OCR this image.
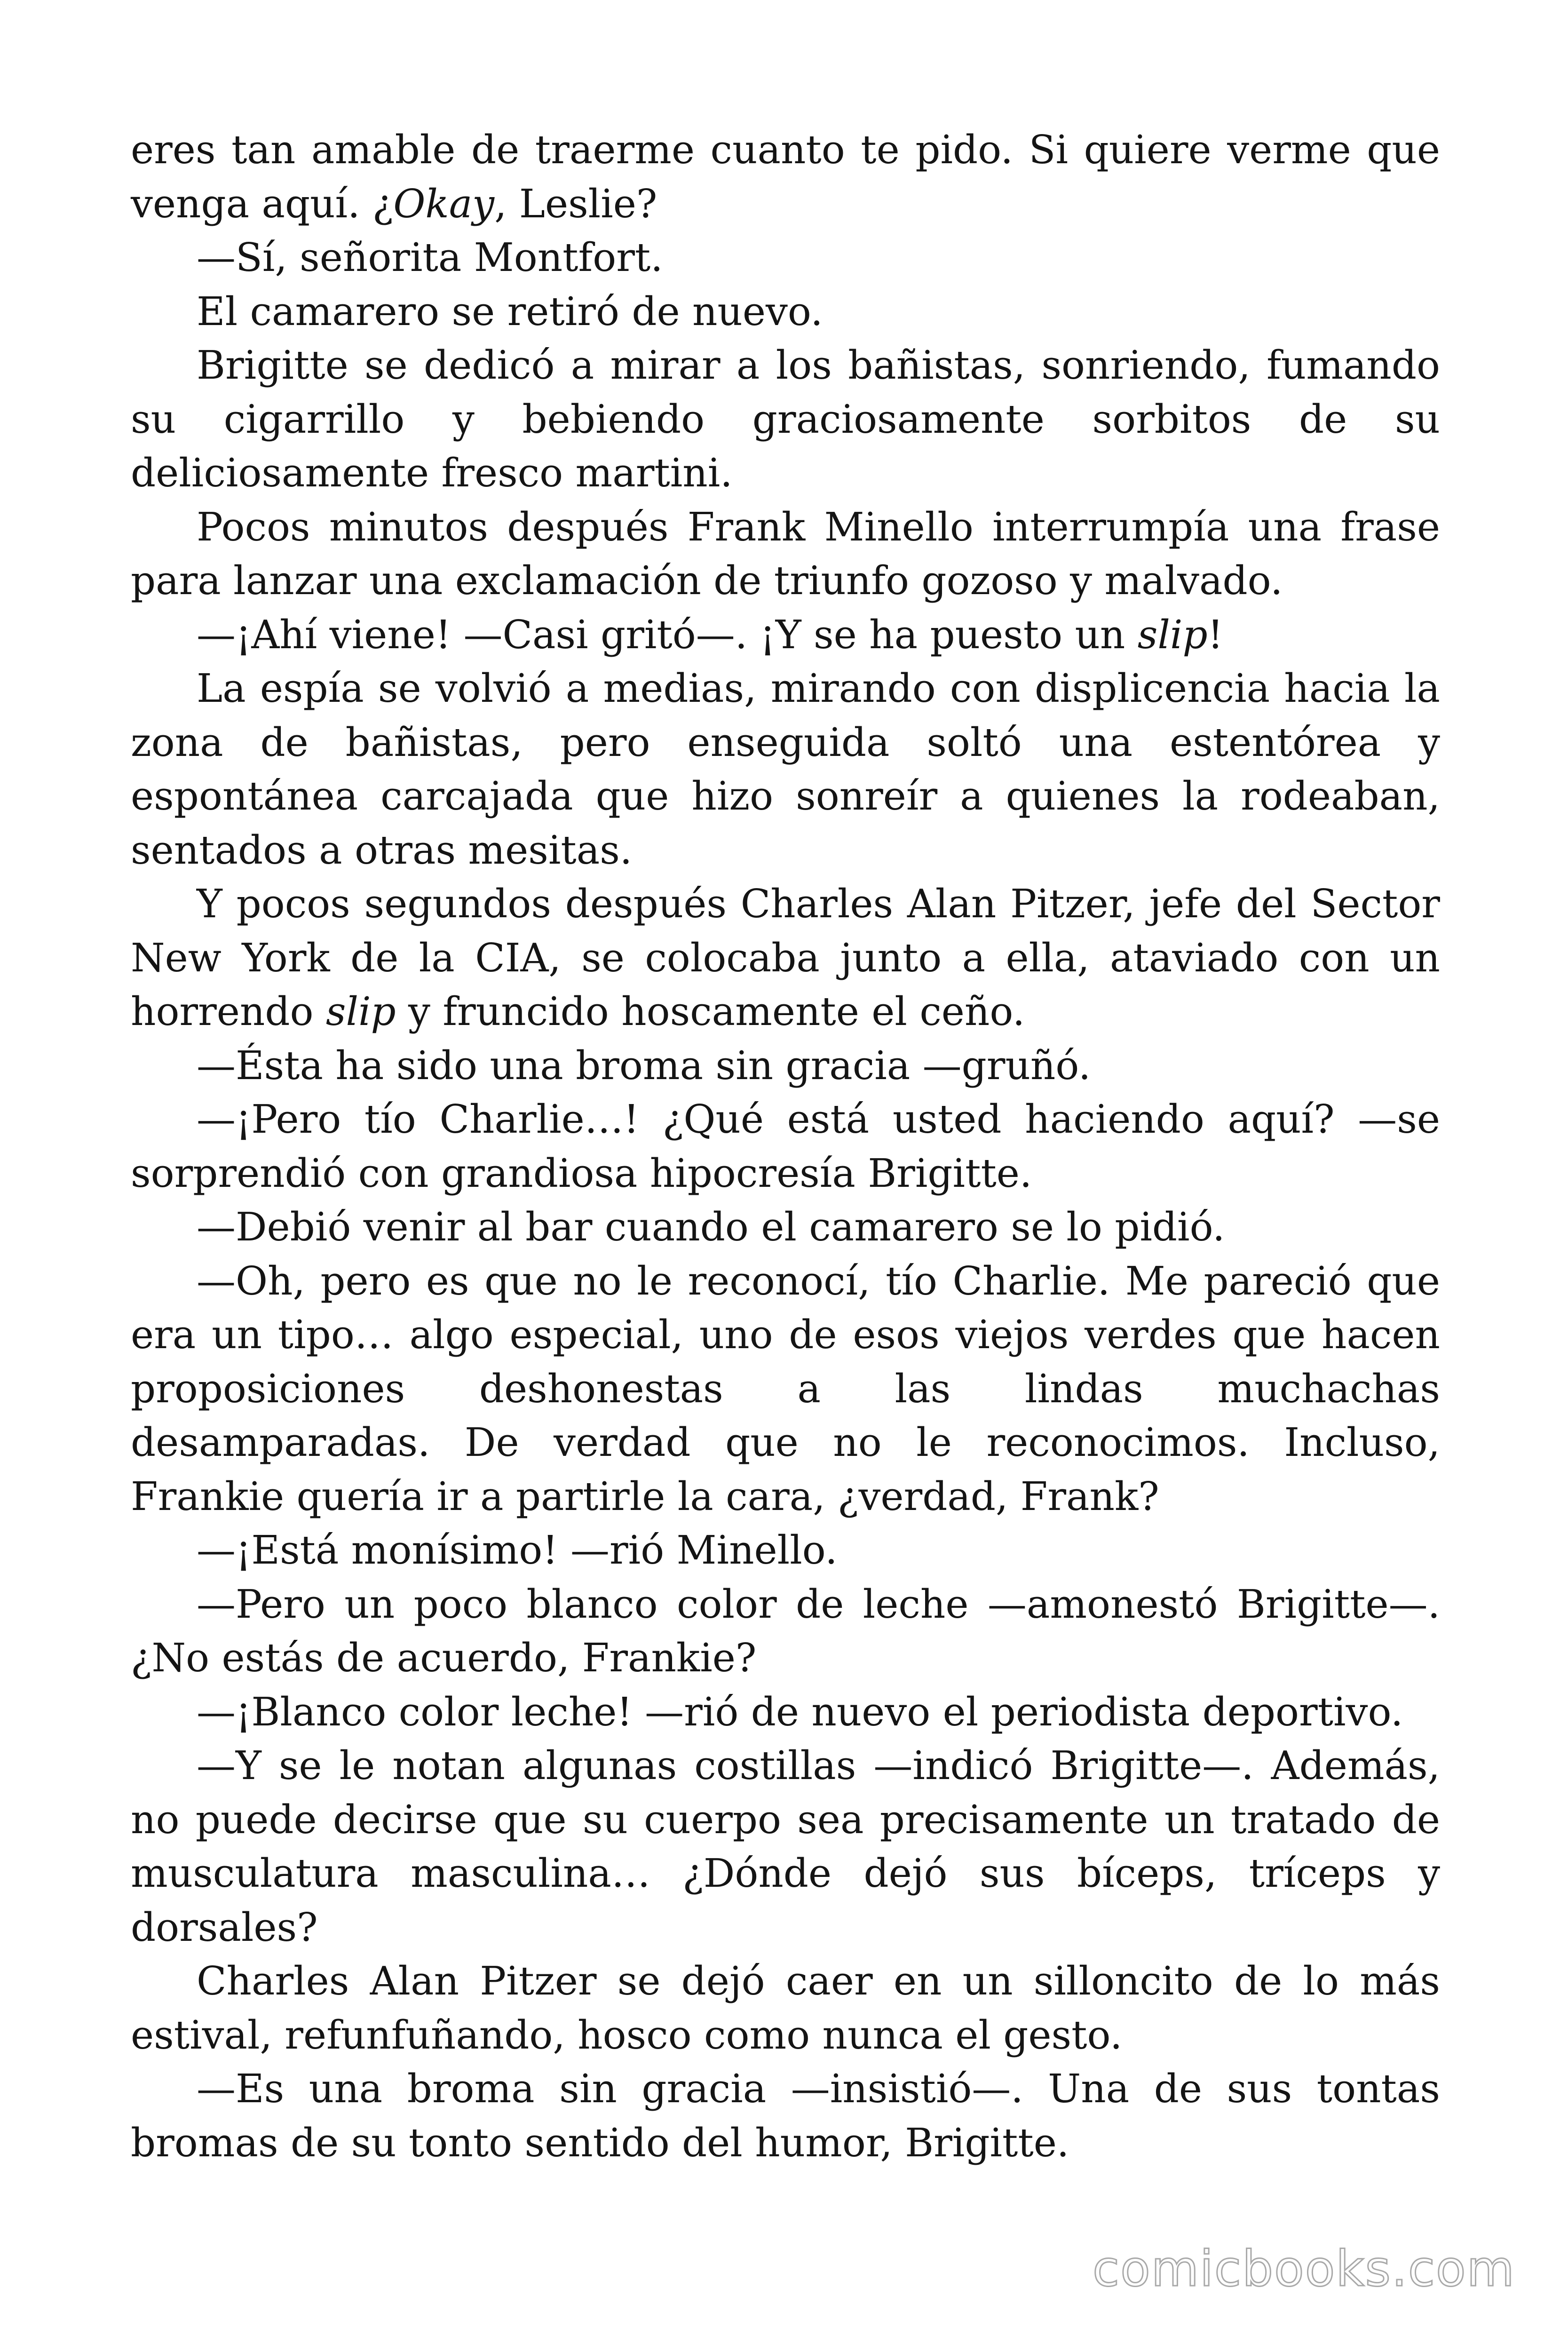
eres tan amable de traerme cuanto te pido. Si quiere verme que venga aquí. ¿Okay, Leslie?

—Sí, señorita Montfort.

El camarero se retiró de nuevo.

Brigitte se dedicó a mirar a los bañistas, sonriendo, fumando su cigarrillo y bebiendo graciosamente sorbitos de su deliciosamente fresco martini.

Pocos minutos después Frank Minello interrumpía una frase para lanzar una exclamación de triunfo gozoso y malvado.

—¡Ahí viene! —Casi gritó—. ¡Y se ha puesto un slip!

La espía se volvió a medias, mirando con displicencia hacia la zona de bañistas, pero enseguida soltó una estentórea y espontánea carcajada que hizo sonreír a quienes la rodeaban, sentados a otras mesitas.

Y pocos segundos después Charles Alan Pitzer, jefe del Sector New York de la CIA, se colocaba junto a ella, ataviado con un horrendo slip y fruncido hoscamente el ceño.

—Ésta ha sido una broma sin gracia —gruñó.

—¡Pero tío Charlie…! ¿Qué está usted haciendo aquí? —se sorprendió con grandiosa hipocresía Brigitte.

—Debió venir al bar cuando el camarero se lo pidió.

—Oh, pero es que no le reconocí, tío Charlie. Me pareció que era un tipo… algo especial, uno de esos viejos verdes que hacen proposiciones deshonestas a las lindas muchachas desamparadas. De verdad que no le reconocimos. Incluso, Frankie quería ir a partirle la cara, ¿verdad, Frank?

—¡Está monísimo! —rió Minello.

—Pero un poco blanco color de leche —amonestó Brigitte—. ¿No estás de acuerdo, Frankie?

—¡Blanco color leche! —rió de nuevo el periodista deportivo.

—Y se le notan algunas costillas —indicó Brigitte—. Además, no puede decirse que su cuerpo sea precisamente un tratado de musculatura masculina… ¿Dónde dejó sus bíceps, tríceps y dorsales?

Charles Alan Pitzer se dejó caer en un silloncito de lo más estival, refunfuñando, hosco como nunca el gesto.

—Es una broma sin gracia —insistió—. Una de sus tontas bromas de su tonto sentido del humor, Brigitte.

comicbooks.com
